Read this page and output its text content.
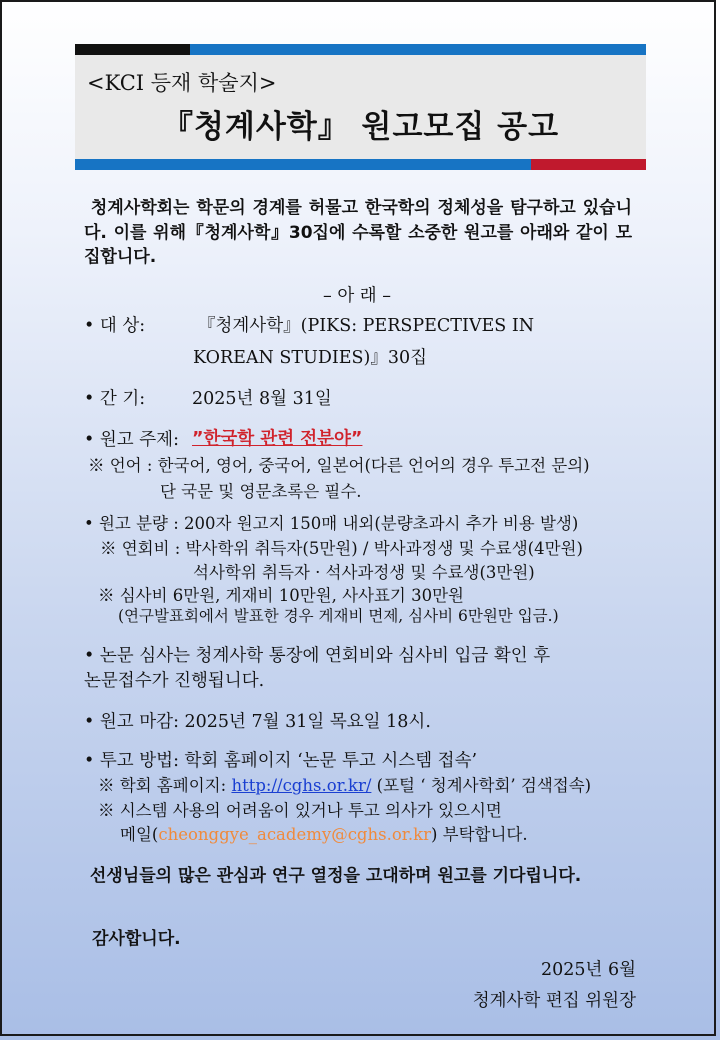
<KCI 등재 학술지>
『청계사학』 원고모집 공고

청계사학회는 학문의 경계를 허물고 한국학의 정체성을 탐구하고 있습니다. 이를 위해『청계사학』30집에 수록할 소중한 원고를 아래와 같이 모집합니다.

– 아 래 –
• 대 상:	『청계사학』(PIKS: PERSPECTIVES IN
KOREAN STUDIES)』30집
• 간 기:	2025년 8월 31일
• 원고 주제: ”한국학 관련 전분야”
※ 언어 : 한국어, 영어, 중국어, 일본어(다른 언어의 경우 투고전 문의)
단 국문 및 영문초록은 필수.
• 원고 분량 : 200자 원고지 150매 내외(분량초과시 추가 비용 발생)
※ 연회비 : 박사학위 취득자(5만원) / 박사과정생 및 수료생(4만원)
석사학위 취득자 · 석사과정생 및 수료생(3만원)
※ 심사비 6만원, 게재비 10만원, 사사표기 30만원
(연구발표회에서 발표한 경우 게재비 면제, 심사비 6만원만 입금.)
• 논문 심사는 청계사학 통장에 연회비와 심사비 입금 확인 후
논문접수가 진행됩니다.
• 원고 마감: 2025년 7월 31일 목요일 18시.
• 투고 방법: 학회 홈페이지 ‘논문 투고 시스템 접속’
※ 학회 홈페이지: http://cghs.or.kr/ (포털 ‘ 청계사학회’ 검색접속)
※ 시스템 사용의 어려움이 있거나 투고 의사가 있으시면
메일(cheonggye_academy@cghs.or.kr) 부탁합니다.

선생님들의 많은 관심과 연구 열정을 고대하며 원고를 기다립니다.

감사합니다.
2025년 6월
청계사학 편집 위원장
